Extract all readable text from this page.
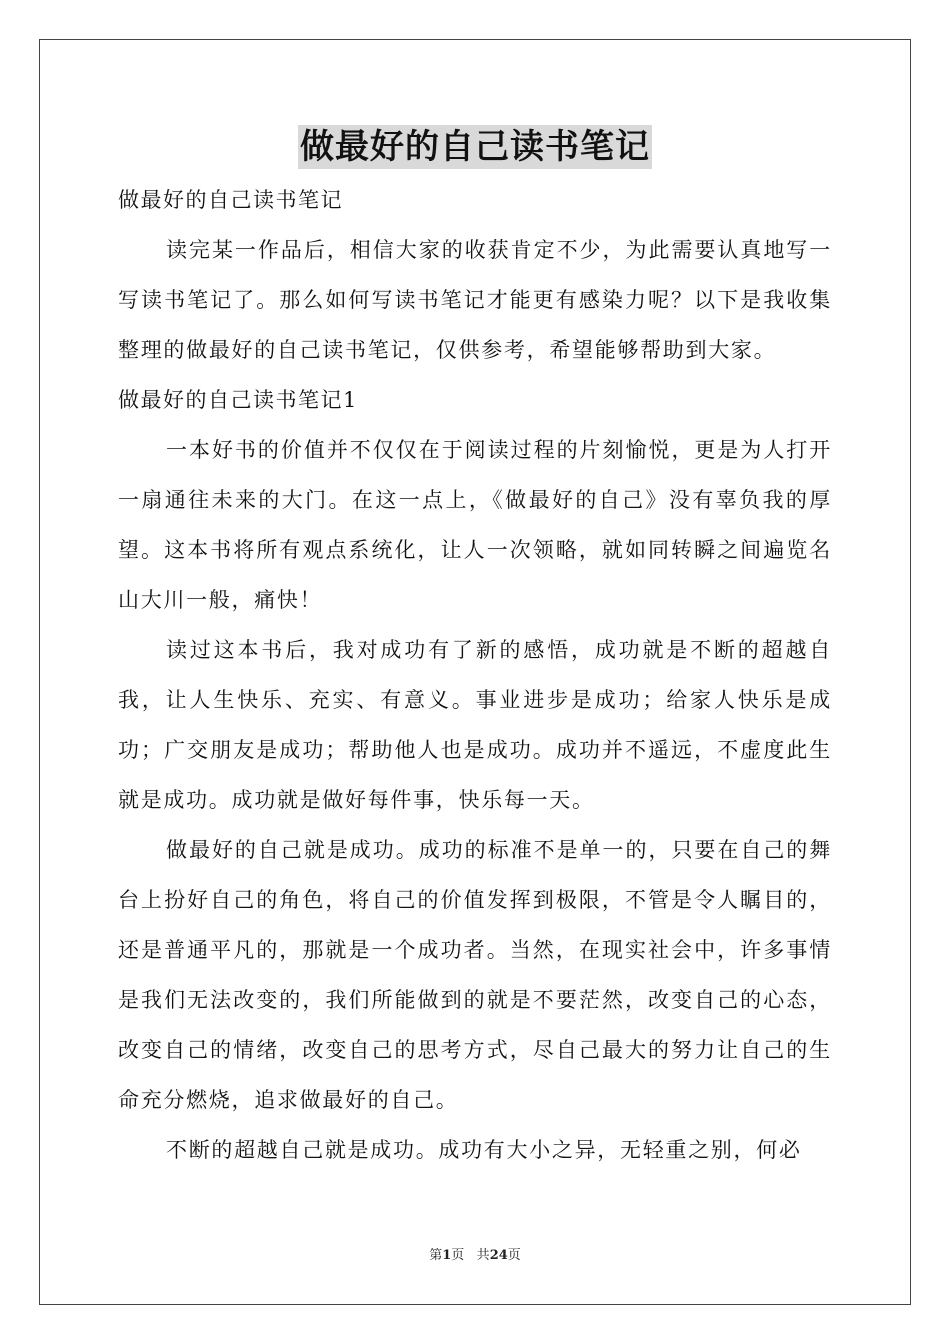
做最好的自己读书笔记

做最好的自己读书笔记

读完某一作品后，相信大家的收获肯定不少，为此需要认真地写一写读书笔记了。那么如何写读书笔记才能更有感染力呢？以下是我收集整理的做最好的自己读书笔记，仅供参考，希望能够帮助到大家。

做最好的自己读书笔记1

一本好书的价值并不仅仅在于阅读过程的片刻愉悦，更是为人打开一扇通往未来的大门。在这一点上，《做最好的自己》没有辜负我的厚望。这本书将所有观点系统化，让人一次领略，就如同转瞬之间遍览名山大川一般，痛快！

读过这本书后，我对成功有了新的感悟，成功就是不断的超越自我，让人生快乐、充实、有意义。事业进步是成功；给家人快乐是成功；广交朋友是成功；帮助他人也是成功。成功并不遥远，不虚度此生就是成功。成功就是做好每件事，快乐每一天。

做最好的自己就是成功。成功的标准不是单一的，只要在自己的舞台上扮好自己的角色，将自己的价值发挥到极限，不管是令人瞩目的，还是普通平凡的，那就是一个成功者。当然，在现实社会中，许多事情是我们无法改变的，我们所能做到的就是不要茫然，改变自己的心态，改变自己的情绪，改变自己的思考方式，尽自己最大的努力让自己的生命充分燃烧，追求做最好的自己。

不断的超越自己就是成功。成功有大小之异，无轻重之别，何必

第1页 共24页
